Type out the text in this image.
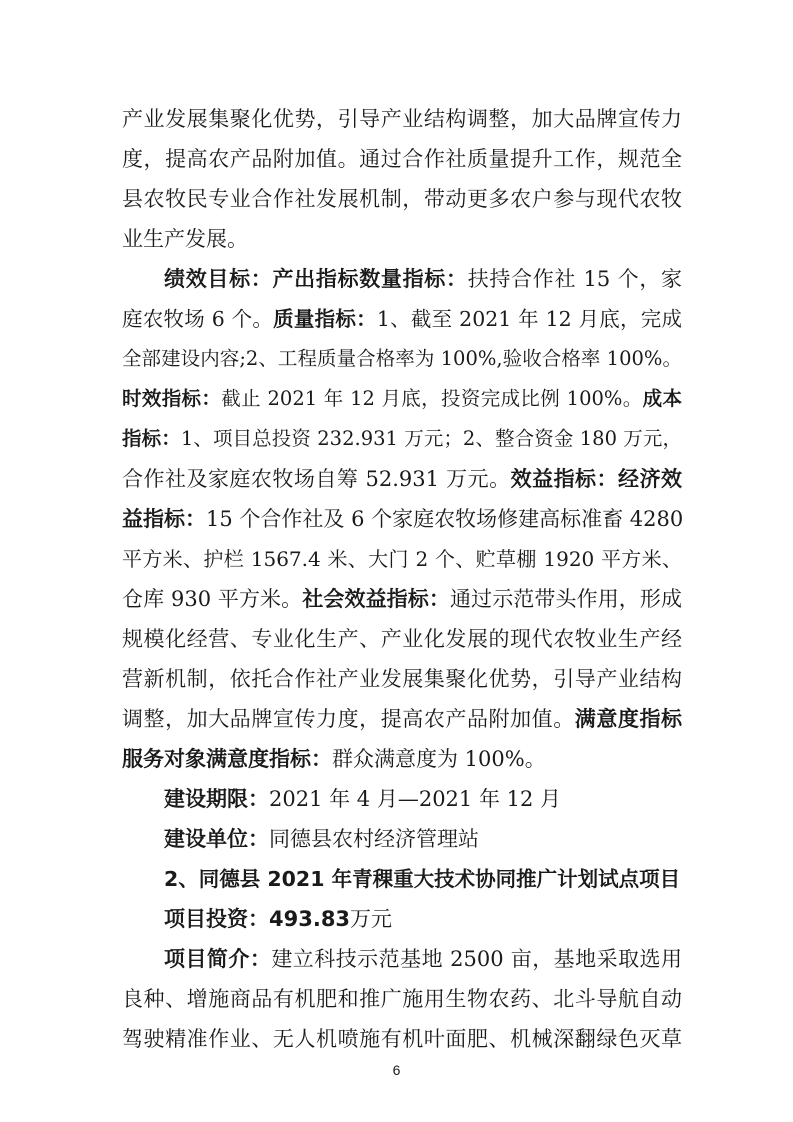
产业发展集聚化优势，引导产业结构调整，加大品牌宣传力
度，提高农产品附加值。通过合作社质量提升工作，规范全
县农牧民专业合作社发展机制，带动更多农户参与现代农牧
业生产发展。
绩效目标：产出指标数量指标：扶持合作社 15 个，家
庭农牧场 6 个。质量指标：1、截至 2021 年 12 月底，完成
全部建设内容;2、工程质量合格率为 100%,验收合格率 100%。
时效指标：截止 2021 年 12 月底，投资完成比例 100%。成本
指标：1、项目总投资 232.931 万元；2、整合资金 180 万元，
合作社及家庭农牧场自筹 52.931 万元。效益指标：经济效
益指标：15 个合作社及 6 个家庭农牧场修建高标准畜 4280
平方米、护栏 1567.4 米、大门 2 个、贮草棚 1920 平方米、
仓库 930 平方米。社会效益指标：通过示范带头作用，形成
规模化经营、专业化生产、产业化发展的现代农牧业生产经
营新机制，依托合作社产业发展集聚化优势，引导产业结构
调整，加大品牌宣传力度，提高农产品附加值。满意度指标
服务对象满意度指标：群众满意度为 100%。
建设期限：2021 年 4 月—2021 年 12 月
建设单位：同德县农村经济管理站
2、同德县 2021 年青稞重大技术协同推广计划试点项目
项目投资：493.83万元
项目简介：建立科技示范基地 2500 亩，基地采取选用
良种、增施商品有机肥和推广施用生物农药、北斗导航自动
驾驶精准作业、无人机喷施有机叶面肥、机械深翻绿色灭草
6
